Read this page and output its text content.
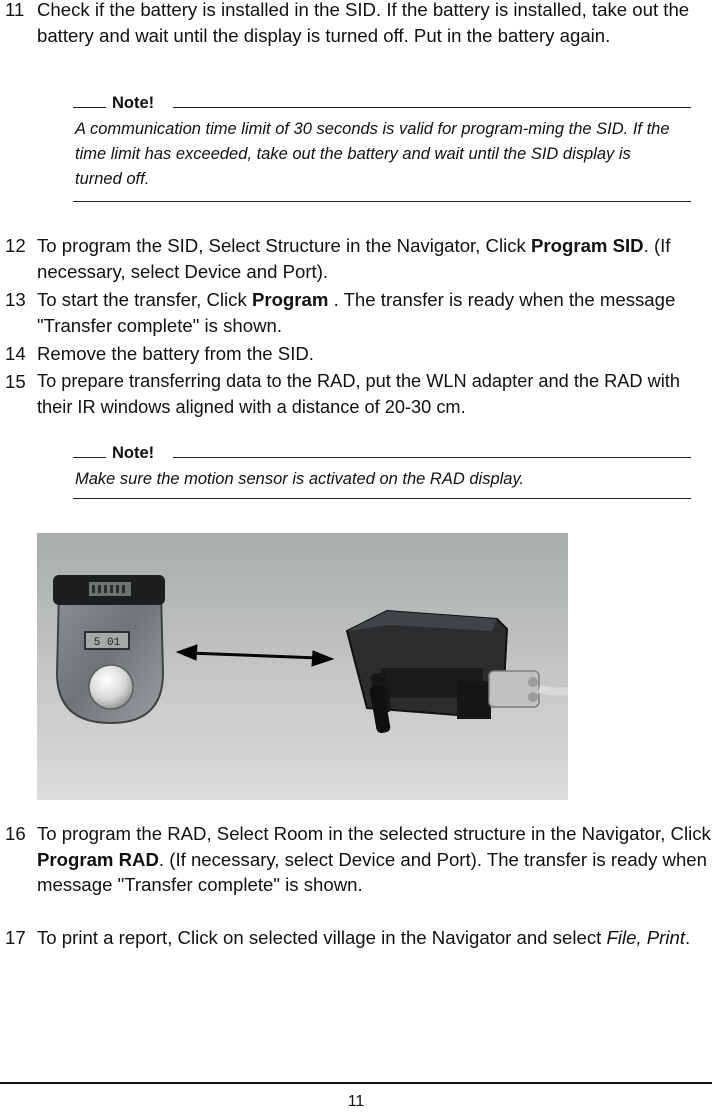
11 Check if the battery is installed in the SID. If the battery is installed, take out the battery and wait until the display is turned off. Put in the battery again.
Note!
A communication time limit of 30 seconds is valid for program-ming the SID. If the time limit has exceeded, take out the battery and wait until the SID display is turned off.
12 To program the SID, Select Structure in the Navigator, Click Program SID. (If necessary, select Device and Port).
13 To start the transfer, Click Program . The transfer is ready when the message "Transfer complete" is shown.
14 Remove the battery from the SID.
15 To prepare transferring data to the RAD, put the WLN adapter and the RAD with their IR windows aligned with a distance of 20-30 cm.
Note!
Make sure the motion sensor is activated on the RAD display.
5 01
16 To program the RAD, Select Room in the selected structure in the Navigator, Click Program RAD. (If necessary, select Device and Port). The transfer is ready when message "Transfer complete" is shown.
17 To print a report, Click on selected village in the Navigator and select File, Print.
11
